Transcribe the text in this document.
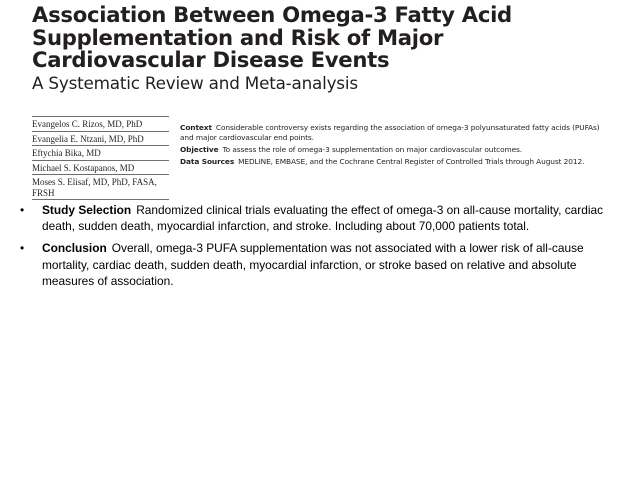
Association Between Omega-3 Fatty Acid
Supplementation and Risk of Major
Cardiovascular Disease Events
A Systematic Review and Meta-analysis
Evangelos C. Rizos, MD, PhD
Evangelia E. Ntzani, MD, PhD
Eftychia Bika, MD
Michael S. Kostapanos, MD
Moses S. Elisaf, MD, PhD, FASA, FRSH
Context Considerable controversy exists regarding the association of omega-3 polyunsaturated fatty acids (PUFAs) and major cardiovascular end points.
Objective To assess the role of omega-3 supplementation on major cardiovascular outcomes.
Data Sources MEDLINE, EMBASE, and the Cochrane Central Register of Controlled Trials through August 2012.
• Study Selection Randomized clinical trials evaluating the effect of omega-3 on all-cause mortality, cardiac death, sudden death, myocardial infarction, and stroke. Including about 70,000 patients total.
• Conclusion Overall, omega-3 PUFA supplementation was not associated with a lower risk of all-cause mortality, cardiac death, sudden death, myocardial infarction, or stroke based on relative and absolute measures of association.
